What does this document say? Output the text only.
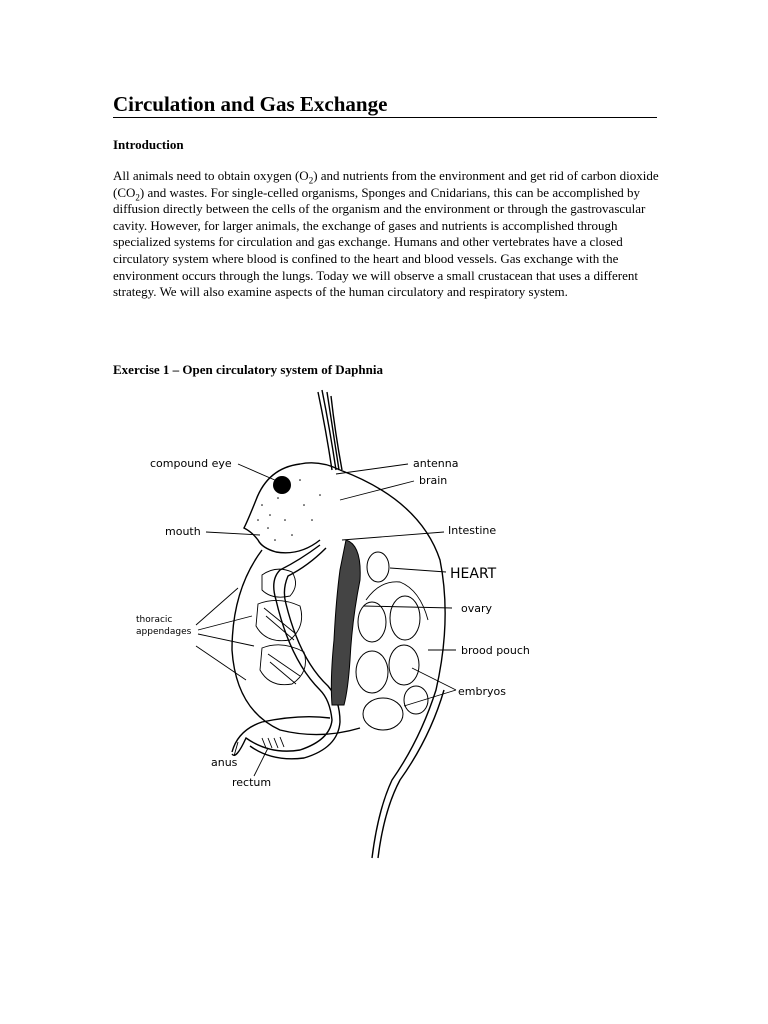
Circulation and Gas Exchange
Introduction

All animals need to obtain oxygen $(O_2)$ and nutrients from the environment and get rid of carbon dioxide $(CO_2)$ and wastes. For single-celled organisms, Sponges and Cnidarians, this can be accomplished by diffusion directly between the cells of the organism and the environment or through the gastrovascular cavity. However, for larger animals, the exchange of gases and nutrients is accomplished through specialized systems for circulation and gas exchange. Humans and other vertebrates have a closed circulatory system where blood is confined to the heart and blood vessels. Gas exchange with the environment occurs through the lungs. Today we will observe a small crustacean that uses a different strategy. We will also examine aspects of the human circulatory and respiratory system.

Exercise 1 – Open circulatory system of Daphnia
compound eye	antenna
brain
mouth	Intestine
HEART
thoracic
appendages
ovary
brood pouch
embryos
anus
rectum
